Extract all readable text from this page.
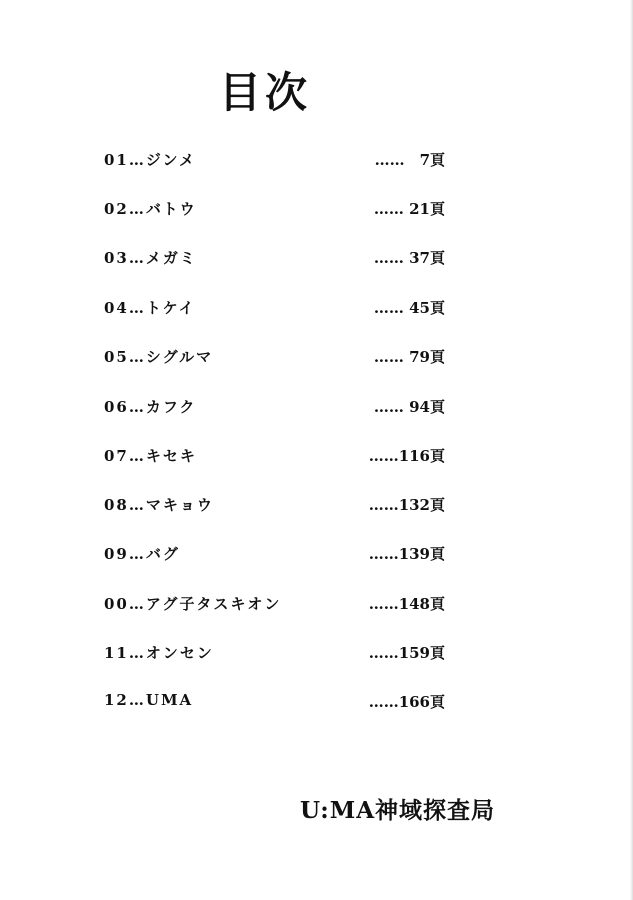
目次
01…ジンメ	……　7頁
02…バトウ	…… 21頁
03…メガミ	…… 37頁
04…トケイ	…… 45頁
05…シグルマ	…… 79頁
06…カフク	…… 94頁
07…キセキ	……116頁
08…マキョウ	……132頁
09…バグ	……139頁
00…アグ子タスキオン	……148頁
11…オンセン	……159頁
12…UMA	……166頁

U:MA神域探査局
